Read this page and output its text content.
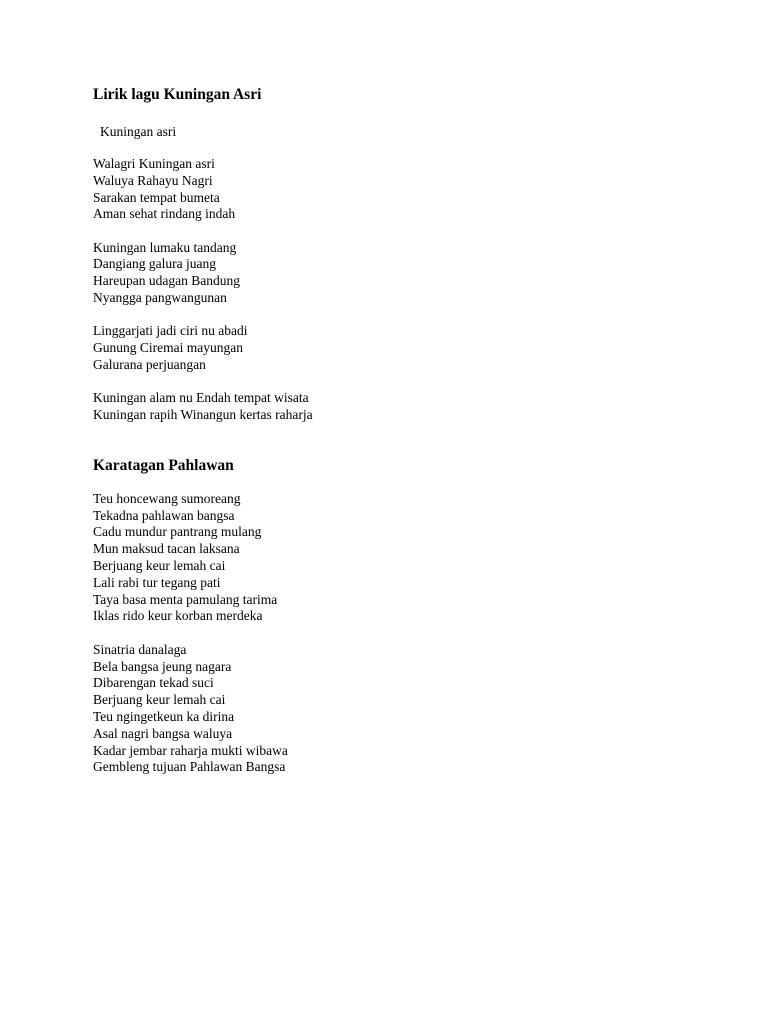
Lirik lagu Kuningan Asri
Kuningan asri
Walagri Kuningan asri
Waluya Rahayu Nagri
Sarakan tempat bumeta
Aman sehat rindang indah
Kuningan lumaku tandang
Dangiang galura juang
Hareupan udagan Bandung
Nyangga pangwangunan
Linggarjati jadi ciri nu abadi
Gunung Ciremai mayungan
Galurana perjuangan
Kuningan alam nu Endah tempat wisata
Kuningan rapih Winangun kertas raharja
Karatagan Pahlawan
Teu honcewang sumoreang
Tekadna pahlawan bangsa
Cadu mundur pantrang mulang
Mun maksud tacan laksana
Berjuang keur lemah cai
Lali rabi tur tegang pati
Taya basa menta pamulang tarima
Iklas rido keur korban merdeka
Sinatria danalaga
Bela bangsa jeung nagara
Dibarengan tekad suci
Berjuang keur lemah cai
Teu ngingetkeun ka dirina
Asal nagri bangsa waluya
Kadar jembar raharja mukti wibawa
Gembleng tujuan Pahlawan Bangsa
